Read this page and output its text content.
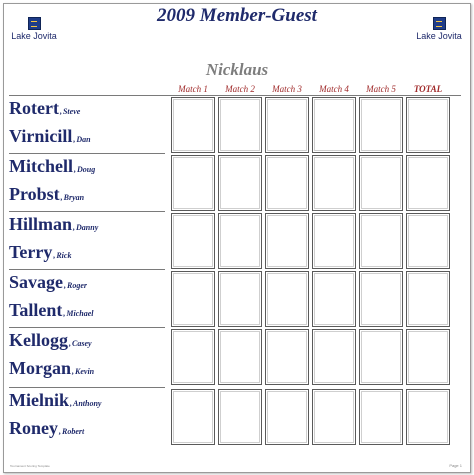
2009 Member-Guest
Lake Jovita	Lake Jovita
Nicklaus
Match 1	Match 2	Match 3	Match 4	Match 5	TOTAL
Rotert,Steve
Virnicill,Dan
Mitchell,Doug
Probst,Bryan
Hillman,Danny
Terry,Rick
Savage,Roger
Tallent,Michael
Kellogg,Casey
Morgan,Kevin
Mielnik,Anthony
Roney,Robert
Tournament Scoring Template	Page 1
